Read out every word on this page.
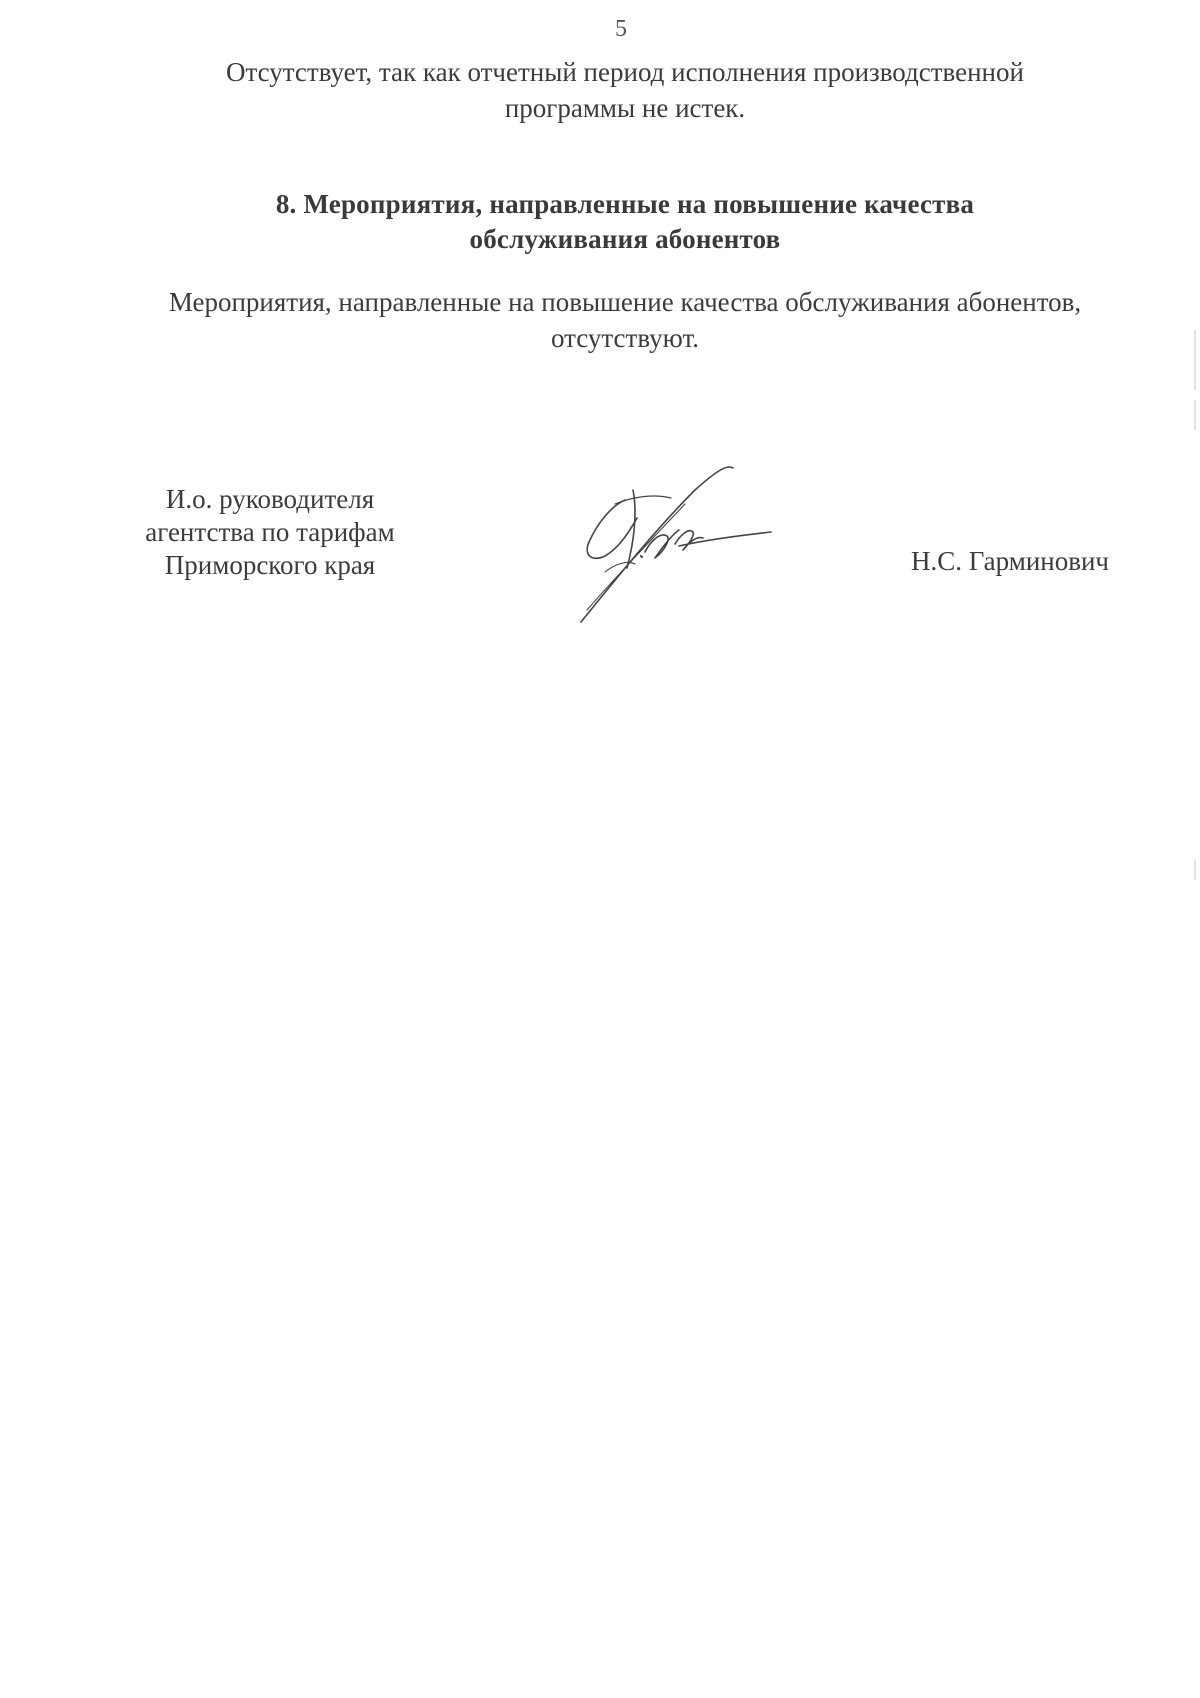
5
Отсутствует, так как отчетный период исполнения производственной
программы не истек.
8. Мероприятия, направленные на повышение качества
обслуживания абонентов
Мероприятия, направленные на повышение качества обслуживания абонентов,
отсутствуют.
И.о. руководителя
агентства по тарифам
Приморского края	Н.С. Гарминович
